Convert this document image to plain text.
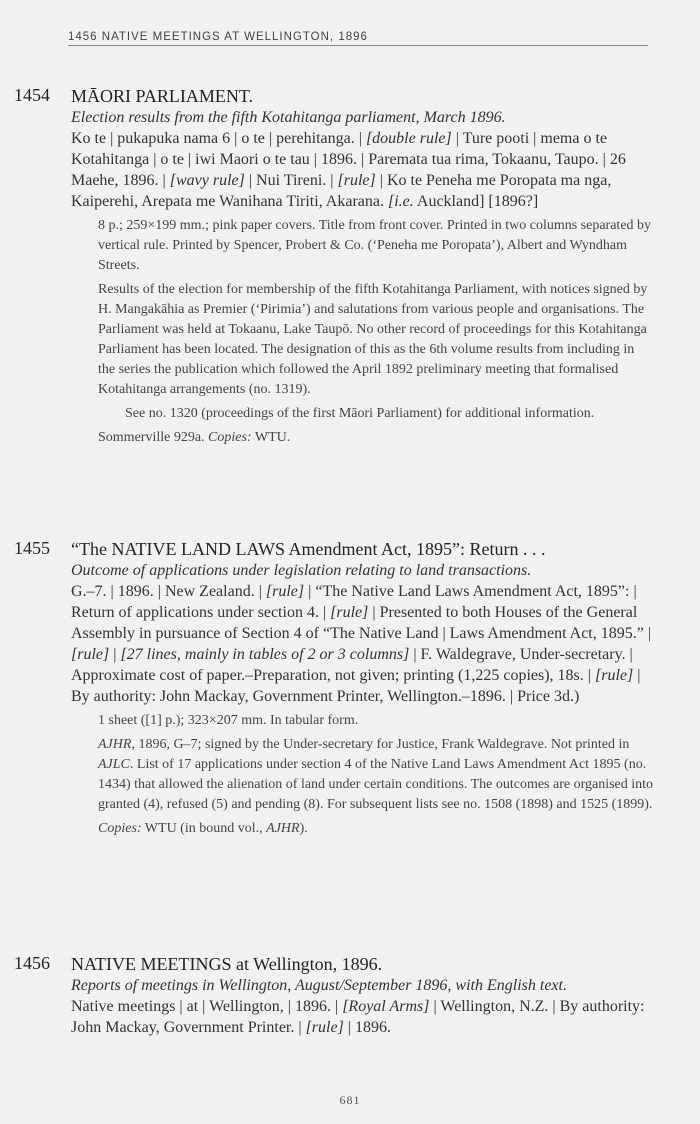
1456 NATIVE MEETINGS AT WELLINGTON, 1896
1454 MĀORI PARLIAMENT.

Election results from the fifth Kotahitanga parliament, March 1896.

Ko te | pukapuka nama 6 | o te | perehitanga. | [double rule] | Ture pooti | mema o te Kotahitanga | o te | iwi Maori o te tau | 1896. | Paremata tua rima, Tokaanu, Taupo. | 26 Maehe, 1896. | [wavy rule] | Nui Tireni. | [rule] | Ko te Peneha me Poropata ma nga, Kaiperehi, Arepata me Wanihana Tiriti, Akarana. [i.e. Auckland] [1896?]

8 p.; 259×199 mm.; pink paper covers. Title from front cover. Printed in two columns separated by vertical rule. Printed by Spencer, Probert & Co. (‘Peneha me Poropata’), Albert and Wyndham Streets.

Results of the election for membership of the fifth Kotahitanga Parliament, with notices signed by H. Mangakāhia as Premier (‘Pirimia’) and salutations from various people and organisations. The Parliament was held at Tokaanu, Lake Taupō. No other record of proceedings for this Kotahitanga Parliament has been located. The designation of this as the 6th volume results from including in the series the publication which followed the April 1892 preliminary meeting that formalised Kotahitanga arrangements (no. 1319).

See no. 1320 (proceedings of the first Māori Parliament) for additional information.

Sommerville 929a. Copies: WTU.

1455 “The NATIVE LAND LAWS Amendment Act, 1895”: Return . . .

Outcome of applications under legislation relating to land transactions.

G.–7. | 1896. | New Zealand. | [rule] | “The Native Land Laws Amendment Act, 1895”: | Return of applications under section 4. | [rule] | Presented to both Houses of the General Assembly in pursuance of Section 4 of “The Native Land | Laws Amendment Act, 1895.” | [rule] | [27 lines, mainly in tables of 2 or 3 columns] | F. Waldegrave, Under-secretary. | Approximate cost of paper.–Preparation, not given; printing (1,225 copies), 18s. | [rule] | By authority: John Mackay, Government Printer, Wellington.–1896. | Price 3d.)

1 sheet ([1] p.); 323×207 mm. In tabular form.

AJHR, 1896, G–7; signed by the Under-secretary for Justice, Frank Waldegrave. Not printed in AJLC. List of 17 applications under section 4 of the Native Land Laws Amendment Act 1895 (no. 1434) that allowed the alienation of land under certain conditions. The outcomes are organised into granted (4), refused (5) and pending (8). For subsequent lists see no. 1508 (1898) and 1525 (1899).

Copies: WTU (in bound vol., AJHR).

1456 NATIVE MEETINGS at Wellington, 1896.

Reports of meetings in Wellington, August/September 1896, with English text.

Native meetings | at | Wellington, | 1896. | [Royal Arms] | Wellington, N.Z. | By authority: John Mackay, Government Printer. | [rule] | 1896.

681
